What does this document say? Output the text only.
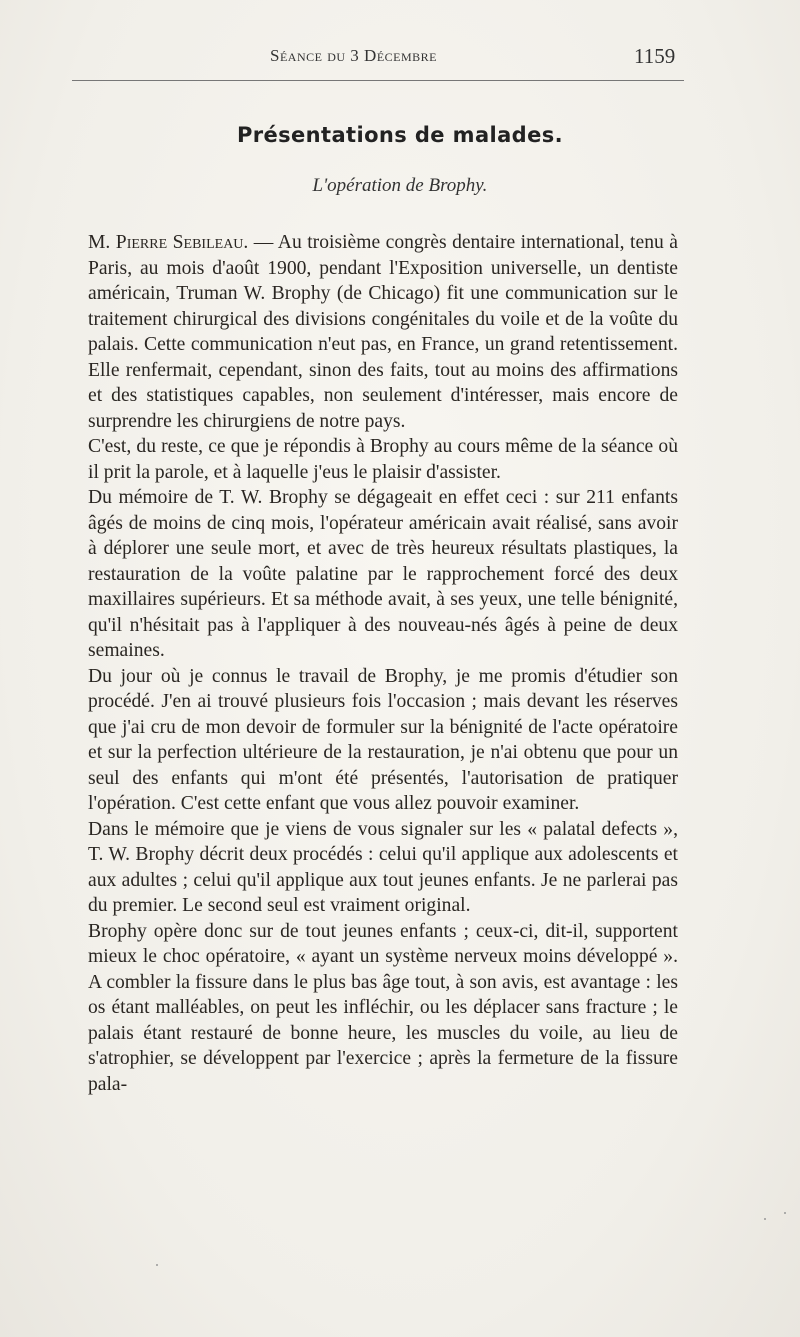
Séance du 3 Décembre	1159
Présentations de malades.
L'opération de Brophy.

M. Pierre Sebileau. — Au troisième congrès dentaire international, tenu à Paris, au mois d'août 1900, pendant l'Exposition universelle, un dentiste américain, Truman W. Brophy (de Chicago) fit une communication sur le traitement chirurgical des divisions congénitales du voile et de la voûte du palais. Cette communication n'eut pas, en France, un grand retentissement. Elle renfermait, cependant, sinon des faits, tout au moins des affirmations et des statistiques capables, non seulement d'intéresser, mais encore de surprendre les chirurgiens de notre pays.

C'est, du reste, ce que je répondis à Brophy au cours même de la séance où il prit la parole, et à laquelle j'eus le plaisir d'assister.

Du mémoire de T. W. Brophy se dégageait en effet ceci : sur 211 enfants âgés de moins de cinq mois, l'opérateur américain avait réalisé, sans avoir à déplorer une seule mort, et avec de très heureux résultats plastiques, la restauration de la voûte palatine par le rapprochement forcé des deux maxillaires supérieurs. Et sa méthode avait, à ses yeux, une telle bénignité, qu'il n'hésitait pas à l'appliquer à des nouveau-nés âgés à peine de deux semaines.

Du jour où je connus le travail de Brophy, je me promis d'étudier son procédé. J'en ai trouvé plusieurs fois l'occasion ; mais devant les réserves que j'ai cru de mon devoir de formuler sur la bénignité de l'acte opératoire et sur la perfection ultérieure de la restauration, je n'ai obtenu que pour un seul des enfants qui m'ont été présentés, l'autorisation de pratiquer l'opération. C'est cette enfant que vous allez pouvoir examiner.

Dans le mémoire que je viens de vous signaler sur les « palatal defects », T. W. Brophy décrit deux procédés : celui qu'il applique aux adolescents et aux adultes ; celui qu'il applique aux tout jeunes enfants. Je ne parlerai pas du premier. Le second seul est vraiment original.

Brophy opère donc sur de tout jeunes enfants ; ceux-ci, dit-il, supportent mieux le choc opératoire, « ayant un système nerveux moins développé ». A combler la fissure dans le plus bas âge tout, à son avis, est avantage : les os étant malléables, on peut les infléchir, ou les déplacer sans fracture ; le palais étant restauré de bonne heure, les muscles du voile, au lieu de s'atrophier, se développent par l'exercice ; après la fermeture de la fissure pala-
